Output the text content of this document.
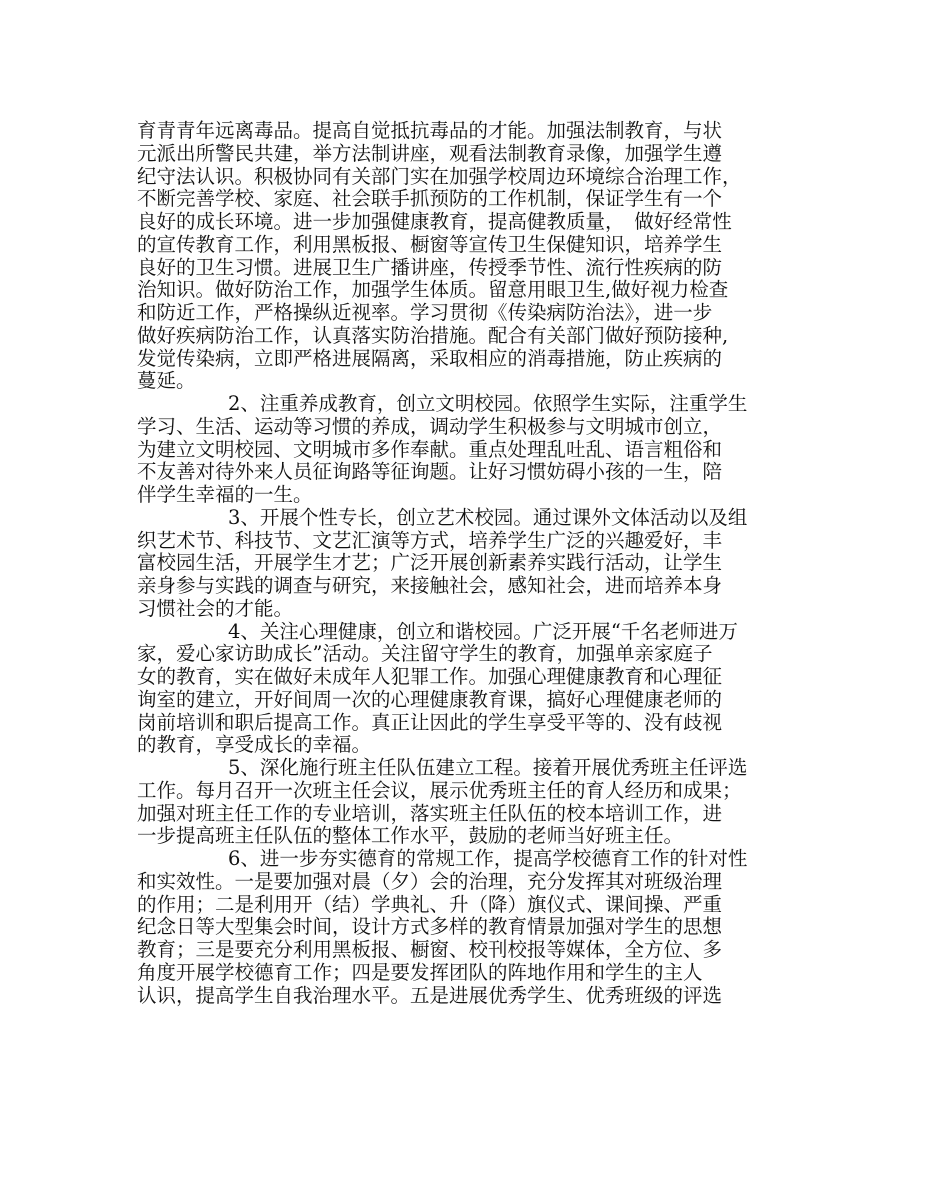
育青青年远离毒品。提高自觉抵抗毒品的才能。加强法制教育，与状
元派出所警民共建，举方法制讲座，观看法制教育录像，加强学生遵
纪守法认识。积极协同有关部门实在加强学校周边环境综合治理工作，
不断完善学校、家庭、社会联手抓预防的工作机制，保证学生有一个
良好的成长环境。进一步加强健康教育，提高健教质量，　做好经常性
的宣传教育工作，利用黑板报、橱窗等宣传卫生保健知识，培养学生
良好的卫生习惯。进展卫生广播讲座，传授季节性、流行性疾病的防
治知识。做好防治工作，加强学生体质。留意用眼卫生,做好视力检查
和防近工作，严格操纵近视率。学习贯彻《传染病防治法》，进一步
做好疾病防治工作，认真落实防治措施。配合有关部门做好预防接种,
发觉传染病，立即严格进展隔离，采取相应的消毒措施，防止疾病的
蔓延。
2、注重养成教育，创立文明校园。依照学生实际，注重学生
学习、生活、运动等习惯的养成，调动学生积极参与文明城市创立，
为建立文明校园、文明城市多作奉献。重点处理乱吐乱、语言粗俗和
不友善对待外来人员征询路等征询题。让好习惯妨碍小孩的一生，陪
伴学生幸福的一生。
3、开展个性专长，创立艺术校园。通过课外文体活动以及组
织艺术节、科技节、文艺汇演等方式，培养学生广泛的兴趣爱好，丰
富校园生活，开展学生才艺；广泛开展创新素养实践行活动，让学生
亲身参与实践的调查与研究，来接触社会，感知社会，进而培养本身
习惯社会的才能。
4、关注心理健康，创立和谐校园。广泛开展“千名老师进万
家，爱心家访助成长”活动。关注留守学生的教育，加强单亲家庭子
女的教育，实在做好未成年人犯罪工作。加强心理健康教育和心理征
询室的建立，开好间周一次的心理健康教育课，搞好心理健康老师的
岗前培训和职后提高工作。真正让因此的学生享受平等的、没有歧视
的教育，享受成长的幸福。
5、深化施行班主任队伍建立工程。接着开展优秀班主任评选
工作。每月召开一次班主任会议，展示优秀班主任的育人经历和成果；
加强对班主任工作的专业培训，落实班主任队伍的校本培训工作，进
一步提高班主任队伍的整体工作水平，鼓励的老师当好班主任。
6、进一步夯实德育的常规工作，提高学校德育工作的针对性
和实效性。一是要加强对晨（夕）会的治理，充分发挥其对班级治理
的作用；二是利用开（结）学典礼、升（降）旗仪式、课间操、严重
纪念日等大型集会时间，设计方式多样的教育情景加强对学生的思想
教育；三是要充分利用黑板报、橱窗、校刊校报等媒体，全方位、多
角度开展学校德育工作；四是要发挥团队的阵地作用和学生的主人
认识，提高学生自我治理水平。五是进展优秀学生、优秀班级的评选
